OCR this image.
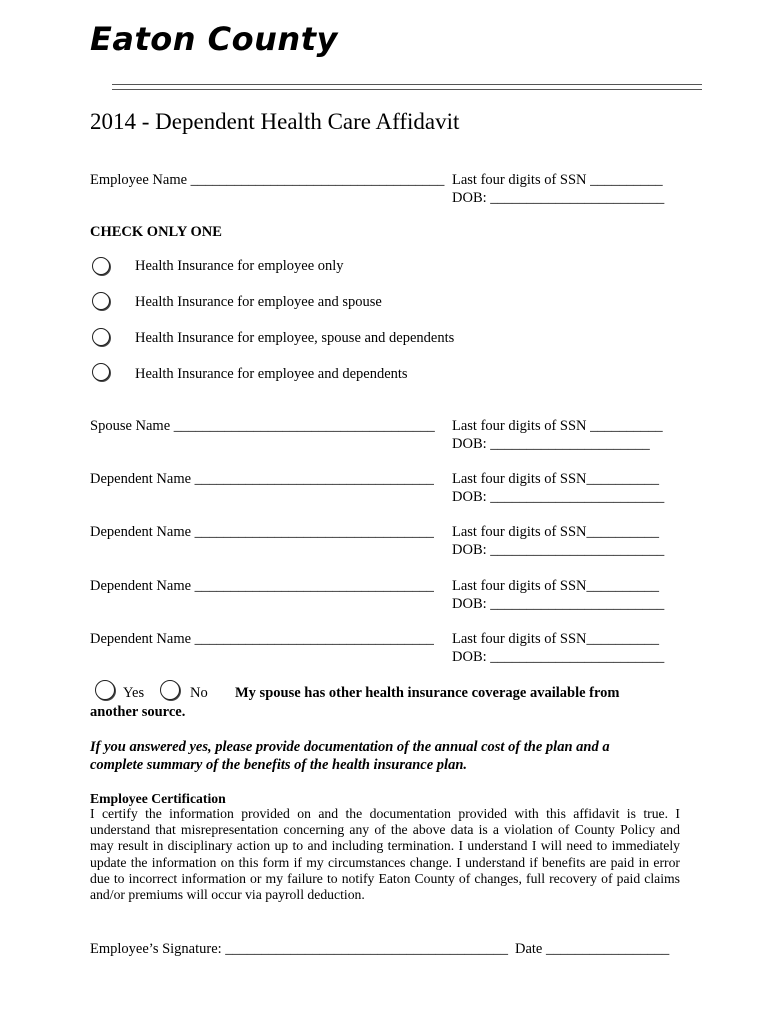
Eaton County
2014 - Dependent Health Care Affidavit
Employee Name ___________________________________ Last four digits of SSN __________
DOB: ________________________
CHECK ONLY ONE
Health Insurance for employee only
Health Insurance for employee and spouse
Health Insurance for employee, spouse and dependents
Health Insurance for employee and dependents
Spouse Name ____________________________________ Last four digits of SSN __________
DOB: ______________________
Dependent Name _________________________________ Last four digits of SSN__________
DOB: ________________________
Dependent Name _________________________________ Last four digits of SSN__________
DOB: ________________________
Dependent Name _________________________________ Last four digits of SSN__________
DOB: ________________________
Dependent Name _________________________________ Last four digits of SSN__________
DOB: ________________________
Yes	No My spouse has other health insurance coverage available from
another source.
If you answered yes, please provide documentation of the annual cost of the plan and a
complete summary of the benefits of the health insurance plan.
Employee Certification
I certify the information provided on and the documentation provided with this affidavit is true. I understand that misrepresentation concerning any of the above data is a violation of County Policy and may result in disciplinary action up to and including termination. I understand I will need to immediately update the information on this form if my circumstances change. I understand if benefits are paid in error due to incorrect information or my failure to notify Eaton County of changes, full recovery of paid claims and/or premiums will occur via payroll deduction.
Employee’s Signature: _______________________________________ Date _________________
